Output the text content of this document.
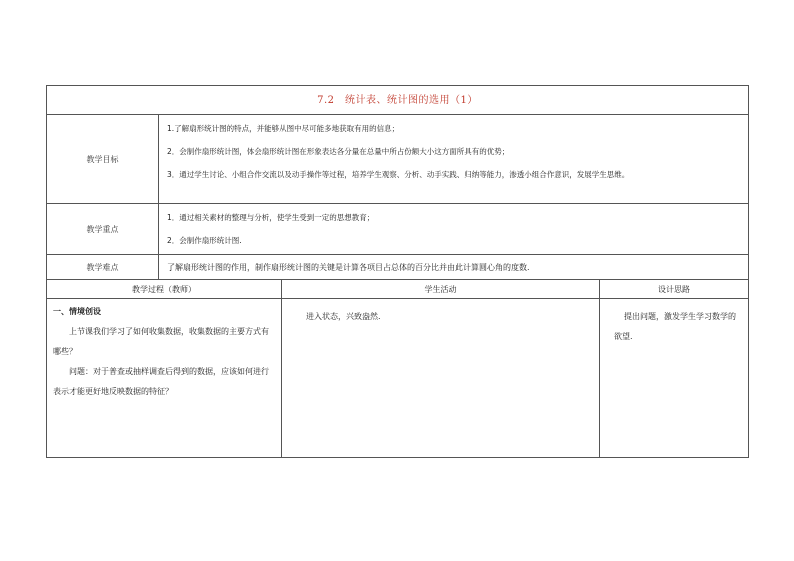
7.2　统计表、统计图的选用（1）			
教学目标	1.了解扇形统计图的特点，并能够从图中尽可能多地获取有用的信息；

2．会制作扇形统计图，体会扇形统计图在形象表达各分量在总量中所占份额大小这方面所具有的优势；

3．通过学生讨论、小组合作交流以及动手操作等过程，培养学生观察、分析、动手实践、归纳等能力，渗透小组合作意识，发展学生思维。		

教学重点	1．通过相关素材的整理与分析，使学生受到一定的思想教育；

2．会制作扇形统计图.		

教学难点	了解扇形统计图的作用，制作扇形统计图的关键是计算各项目占总体的百分比并由此计算圆心角的度数.		
教学过程（教师）		学生活动	设计思路

一、情境创设

上节课我们学习了如何收集数据，收集数据的主要方式有哪些？

问题：对于普查或抽样调查后得到的数据，应该如何进行表示才能更好地反映数据的特征？		进入状态，兴致盎然.	提出问题，激发学生学习数学的欲望.
